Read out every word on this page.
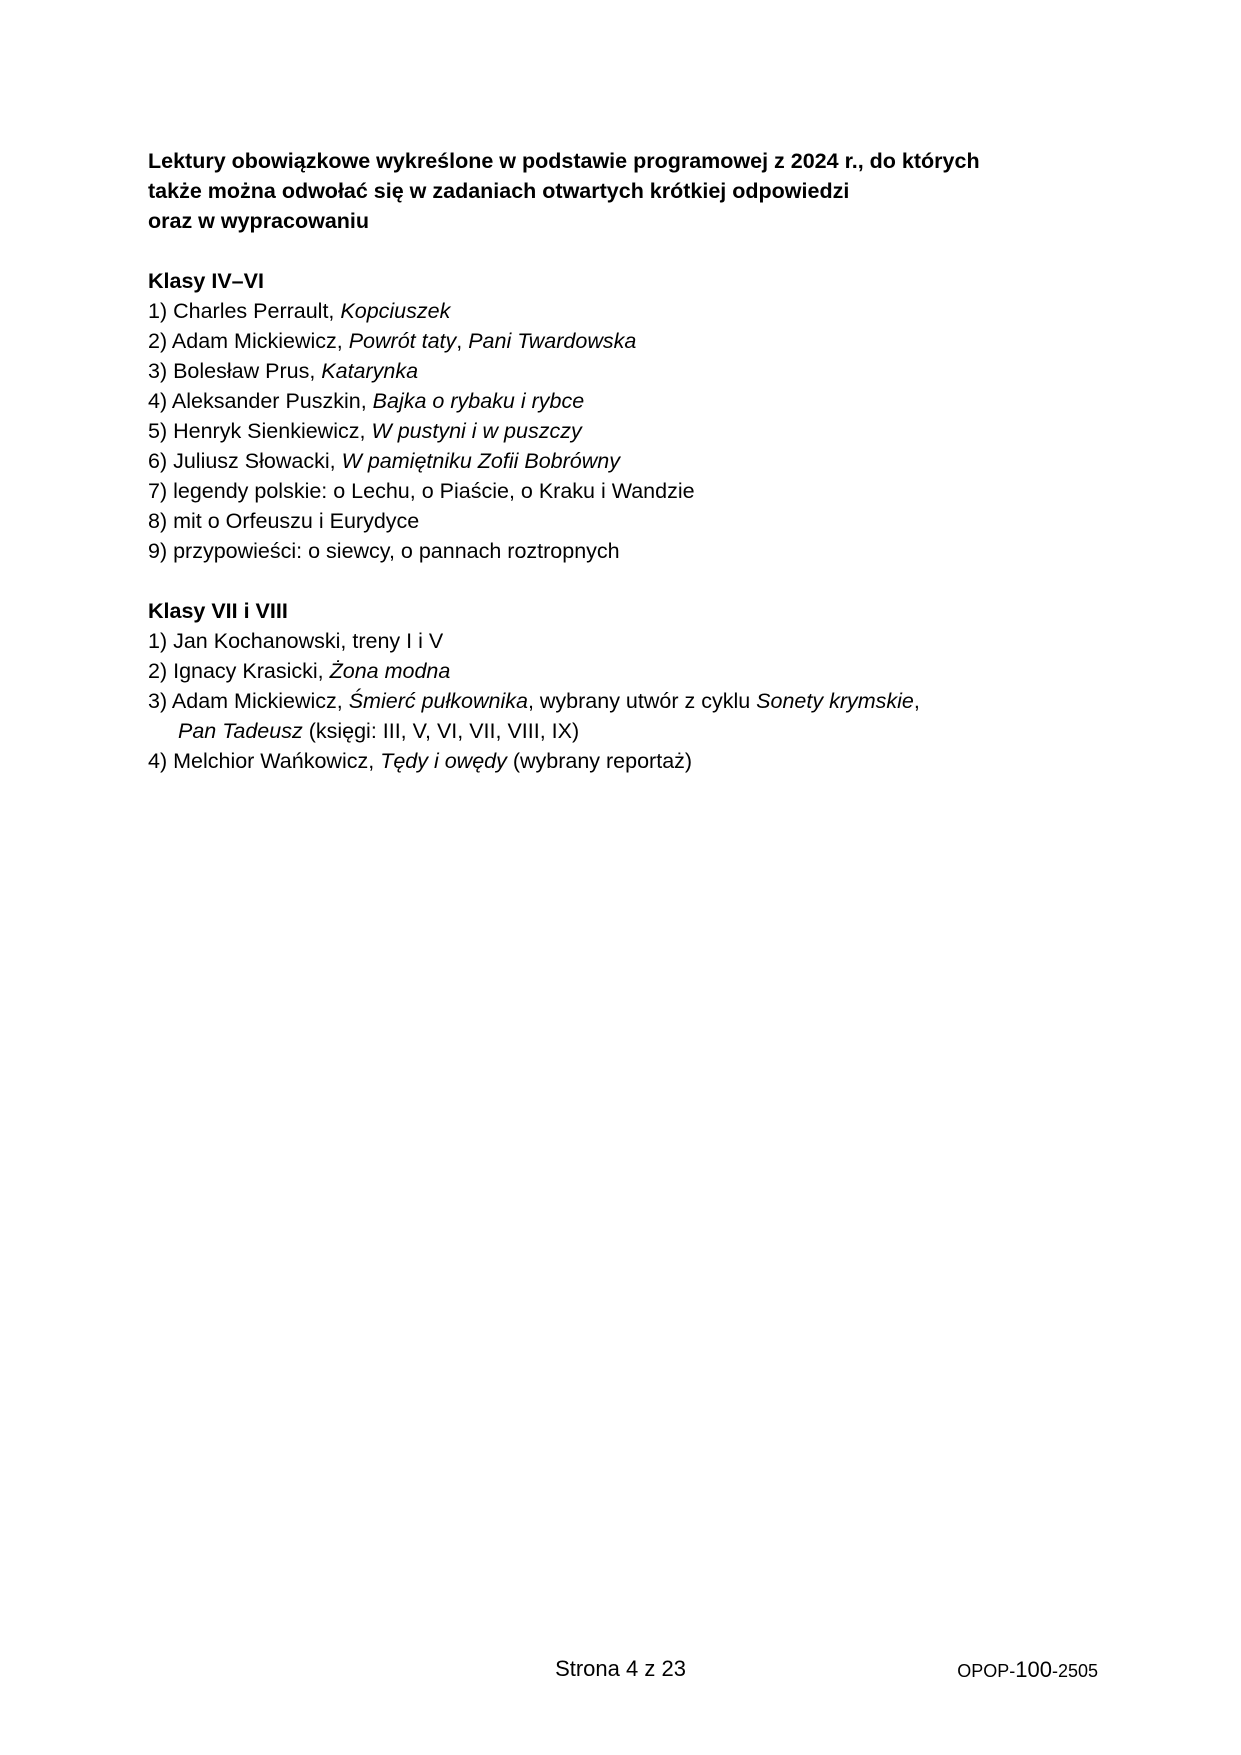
Lektury obowiązkowe wykreślone w podstawie programowej z 2024 r., do których
także można odwołać się w zadaniach otwartych krótkiej odpowiedzi
oraz w wypracowaniu

Klasy IV–VI
1) Charles Perrault, Kopciuszek
2) Adam Mickiewicz, Powrót taty, Pani Twardowska
3) Bolesław Prus, Katarynka
4) Aleksander Puszkin, Bajka o rybaku i rybce
5) Henryk Sienkiewicz, W pustyni i w puszczy
6) Juliusz Słowacki, W pamiętniku Zofii Bobrówny
7) legendy polskie: o Lechu, o Piaście, o Kraku i Wandzie
8) mit o Orfeuszu i Eurydyce
9) przypowieści: o siewcy, o pannach roztropnych
Klasy VII i VIII
1) Jan Kochanowski, treny I i V
2) Ignacy Krasicki, Żona modna
3) Adam Mickiewicz, Śmierć pułkownika, wybrany utwór z cyklu Sonety krymskie,
Pan Tadeusz (księgi: III, V, VI, VII, VIII, IX)
4) Melchior Wańkowicz, Tędy i owędy (wybrany reportaż)
Strona 4 z 23	OPOP-100-2505
